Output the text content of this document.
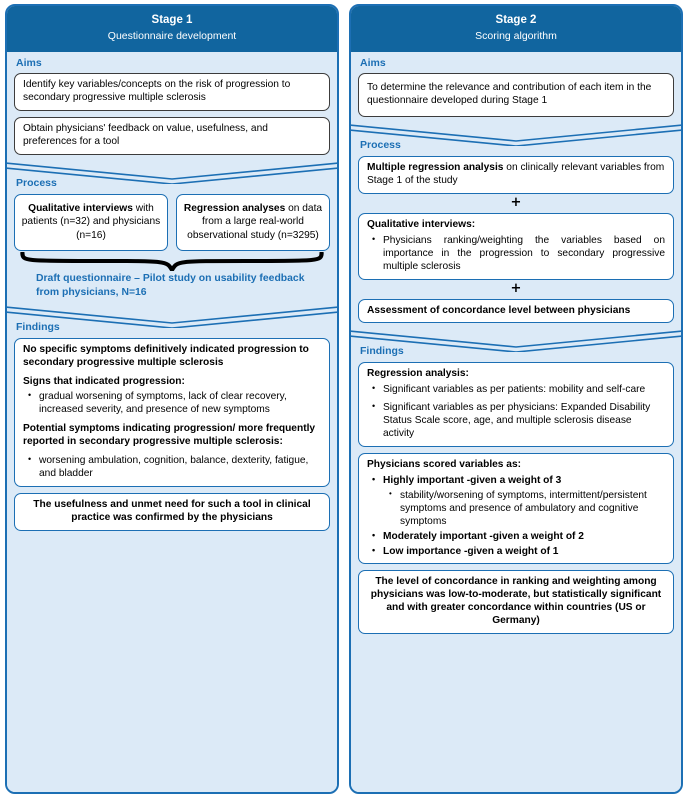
Stage 1
Questionnaire development
Aims
Identify key variables/concepts on the risk of progression to secondary progressive multiple sclerosis
Obtain physicians' feedback on value, usefulness, and preferences for a tool
Process
Qualitative interviews with patients (n=32) and physicians (n=16)
Regression analyses on data from a large real-world observational study (n=3295)
Draft questionnaire – Pilot study on usability feedback from physicians, N=16
Findings

No specific symptoms definitively indicated progression to secondary progressive multiple sclerosis

Signs that indicated progression:

• gradual worsening of symptoms, lack of clear recovery, increased severity, and presence of new symptoms

Potential symptoms indicating progression/ more frequently reported in secondary progressive multiple sclerosis:

• worsening ambulation, cognition, balance, dexterity, fatigue, and bladder
The usefulness and unmet need for such a tool in clinical practice was confirmed by the physicians
Stage 2
Scoring algorithm
Aims
To determine the relevance and contribution of each item in the questionnaire developed during Stage 1
Process
Multiple regression analysis on clinically relevant variables from Stage 1 of the study
+

Qualitative interviews:

• Physicians ranking/weighting the variables based on importance in the progression to secondary progressive multiple sclerosis
+
Assessment of concordance level between physicians
Findings

Regression analysis:

• Significant variables as per patients: mobility and self-care
• Significant variables as per physicians: Expanded Disability Status Scale score, age, and multiple sclerosis disease activity

Physicians scored variables as:

• Highly important -given a weight of 3
• stability/worsening of symptoms, intermittent/persistent symptoms and presence of ambulatory and cognitive symptoms
• Moderately important -given a weight of 2
• Low importance -given a weight of 1
The level of concordance in ranking and weighting among physicians was low-to-moderate, but statistically significant and with greater concordance within countries (US or Germany)
